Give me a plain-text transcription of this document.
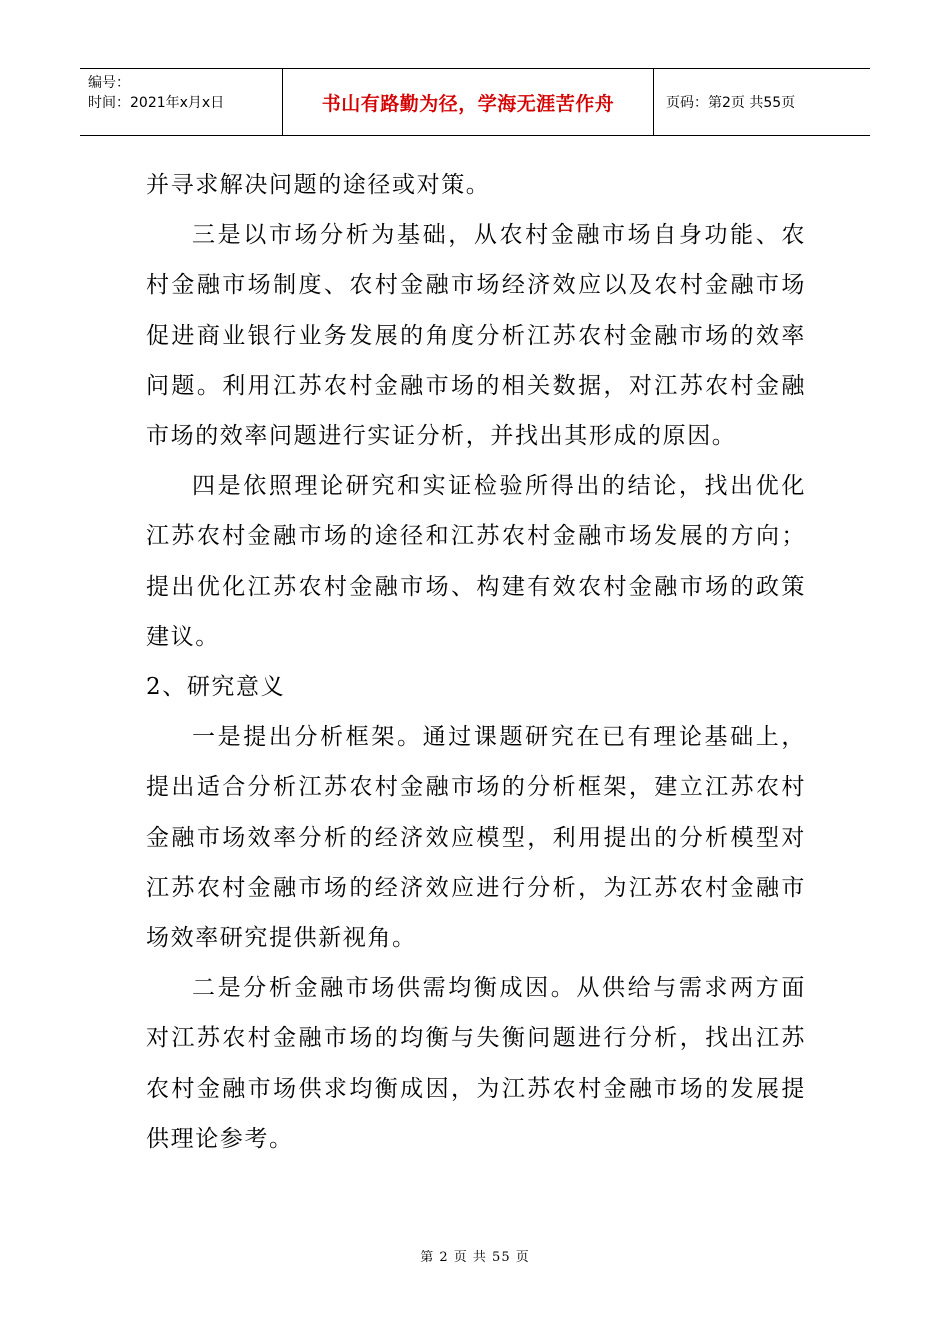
编号：
时间：2021年x月x日	书山有路勤为径，学海无涯苦作舟	页码：第2页 共55页

并寻求解决问题的途径或对策。

三是以市场分析为基础，从农村金融市场自身功能、农村金融市场制度、农村金融市场经济效应以及农村金融市场促进商业银行业务发展的角度分析江苏农村金融市场的效率问题。利用江苏农村金融市场的相关数据，对江苏农村金融市场的效率问题进行实证分析，并找出其形成的原因。

四是依照理论研究和实证检验所得出的结论，找出优化江苏农村金融市场的途径和江苏农村金融市场发展的方向；提出优化江苏农村金融市场、构建有效农村金融市场的政策建议。

2、研究意义

一是提出分析框架。通过课题研究在已有理论基础上，提出适合分析江苏农村金融市场的分析框架，建立江苏农村金融市场效率分析的经济效应模型，利用提出的分析模型对江苏农村金融市场的经济效应进行分析，为江苏农村金融市场效率研究提供新视角。

二是分析金融市场供需均衡成因。从供给与需求两方面对江苏农村金融市场的均衡与失衡问题进行分析，找出江苏农村金融市场供求均衡成因，为江苏农村金融市场的发展提供理论参考。

第 2 页 共 55 页
